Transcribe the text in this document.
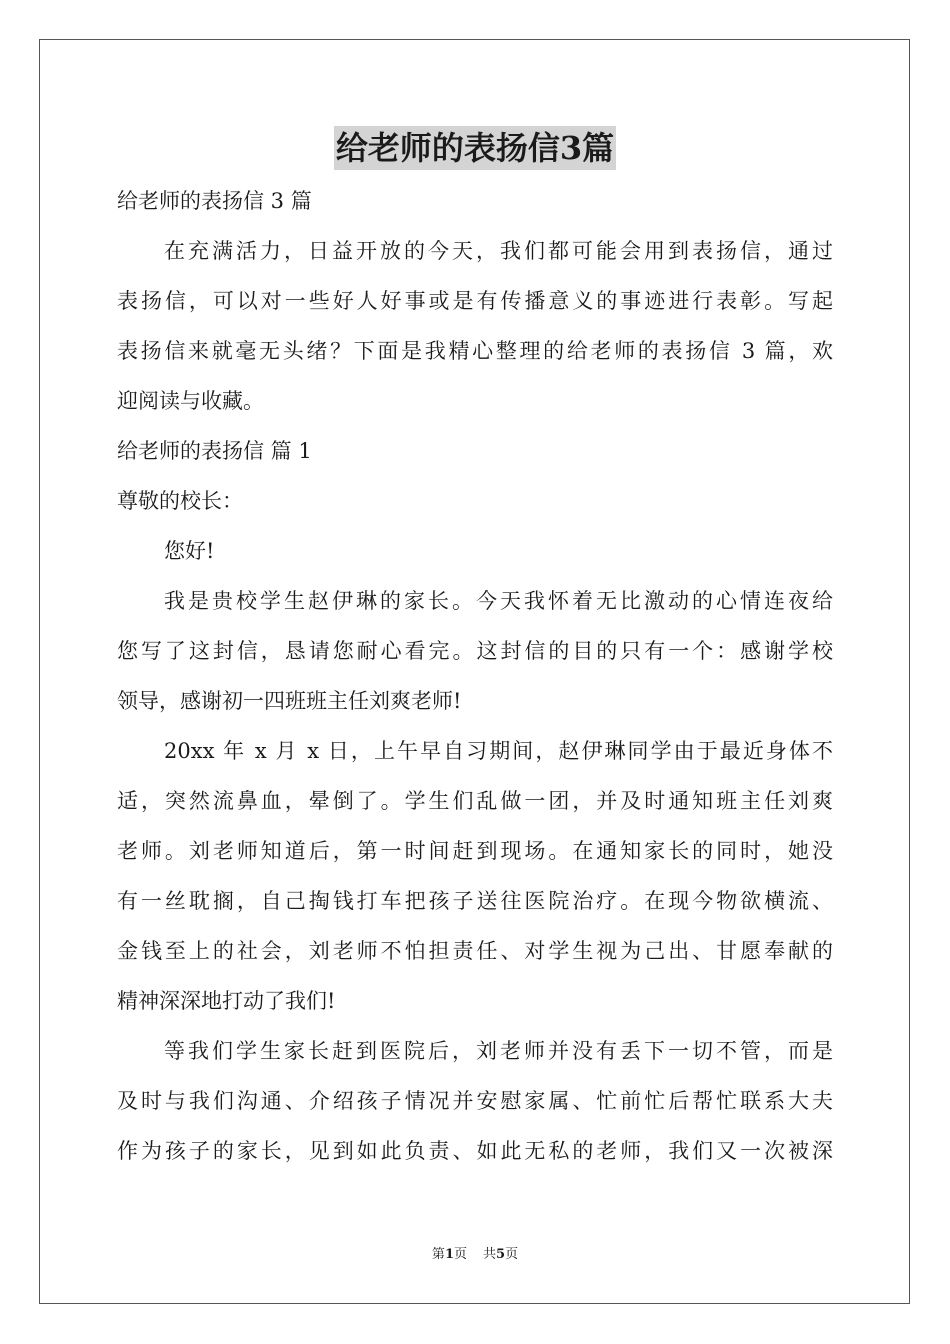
给老师的表扬信3篇
给老师的表扬信 3 篇
在充满活力，日益开放的今天，我们都可能会用到表扬信，通过
表扬信，可以对一些好人好事或是有传播意义的事迹进行表彰。写起
表扬信来就毫无头绪？下面是我精心整理的给老师的表扬信 3 篇，欢
迎阅读与收藏。
给老师的表扬信 篇 1
尊敬的校长：
您好!
我是贵校学生赵伊琳的家长。今天我怀着无比激动的心情连夜给
您写了这封信，恳请您耐心看完。这封信的目的只有一个：感谢学校
领导，感谢初一四班班主任刘爽老师!
20xx 年 x 月 x 日，上午早自习期间，赵伊琳同学由于最近身体不
适，突然流鼻血，晕倒了。学生们乱做一团，并及时通知班主任刘爽
老师。刘老师知道后，第一时间赶到现场。在通知家长的同时，她没
有一丝耽搁，自己掏钱打车把孩子送往医院治疗。在现今物欲横流、
金钱至上的社会，刘老师不怕担责任、对学生视为己出、甘愿奉献的
精神深深地打动了我们!
等我们学生家长赶到医院后，刘老师并没有丢下一切不管，而是
及时与我们沟通、介绍孩子情况并安慰家属、忙前忙后帮忙联系大夫
作为孩子的家长，见到如此负责、如此无私的老师，我们又一次被深
第1页 共5页
